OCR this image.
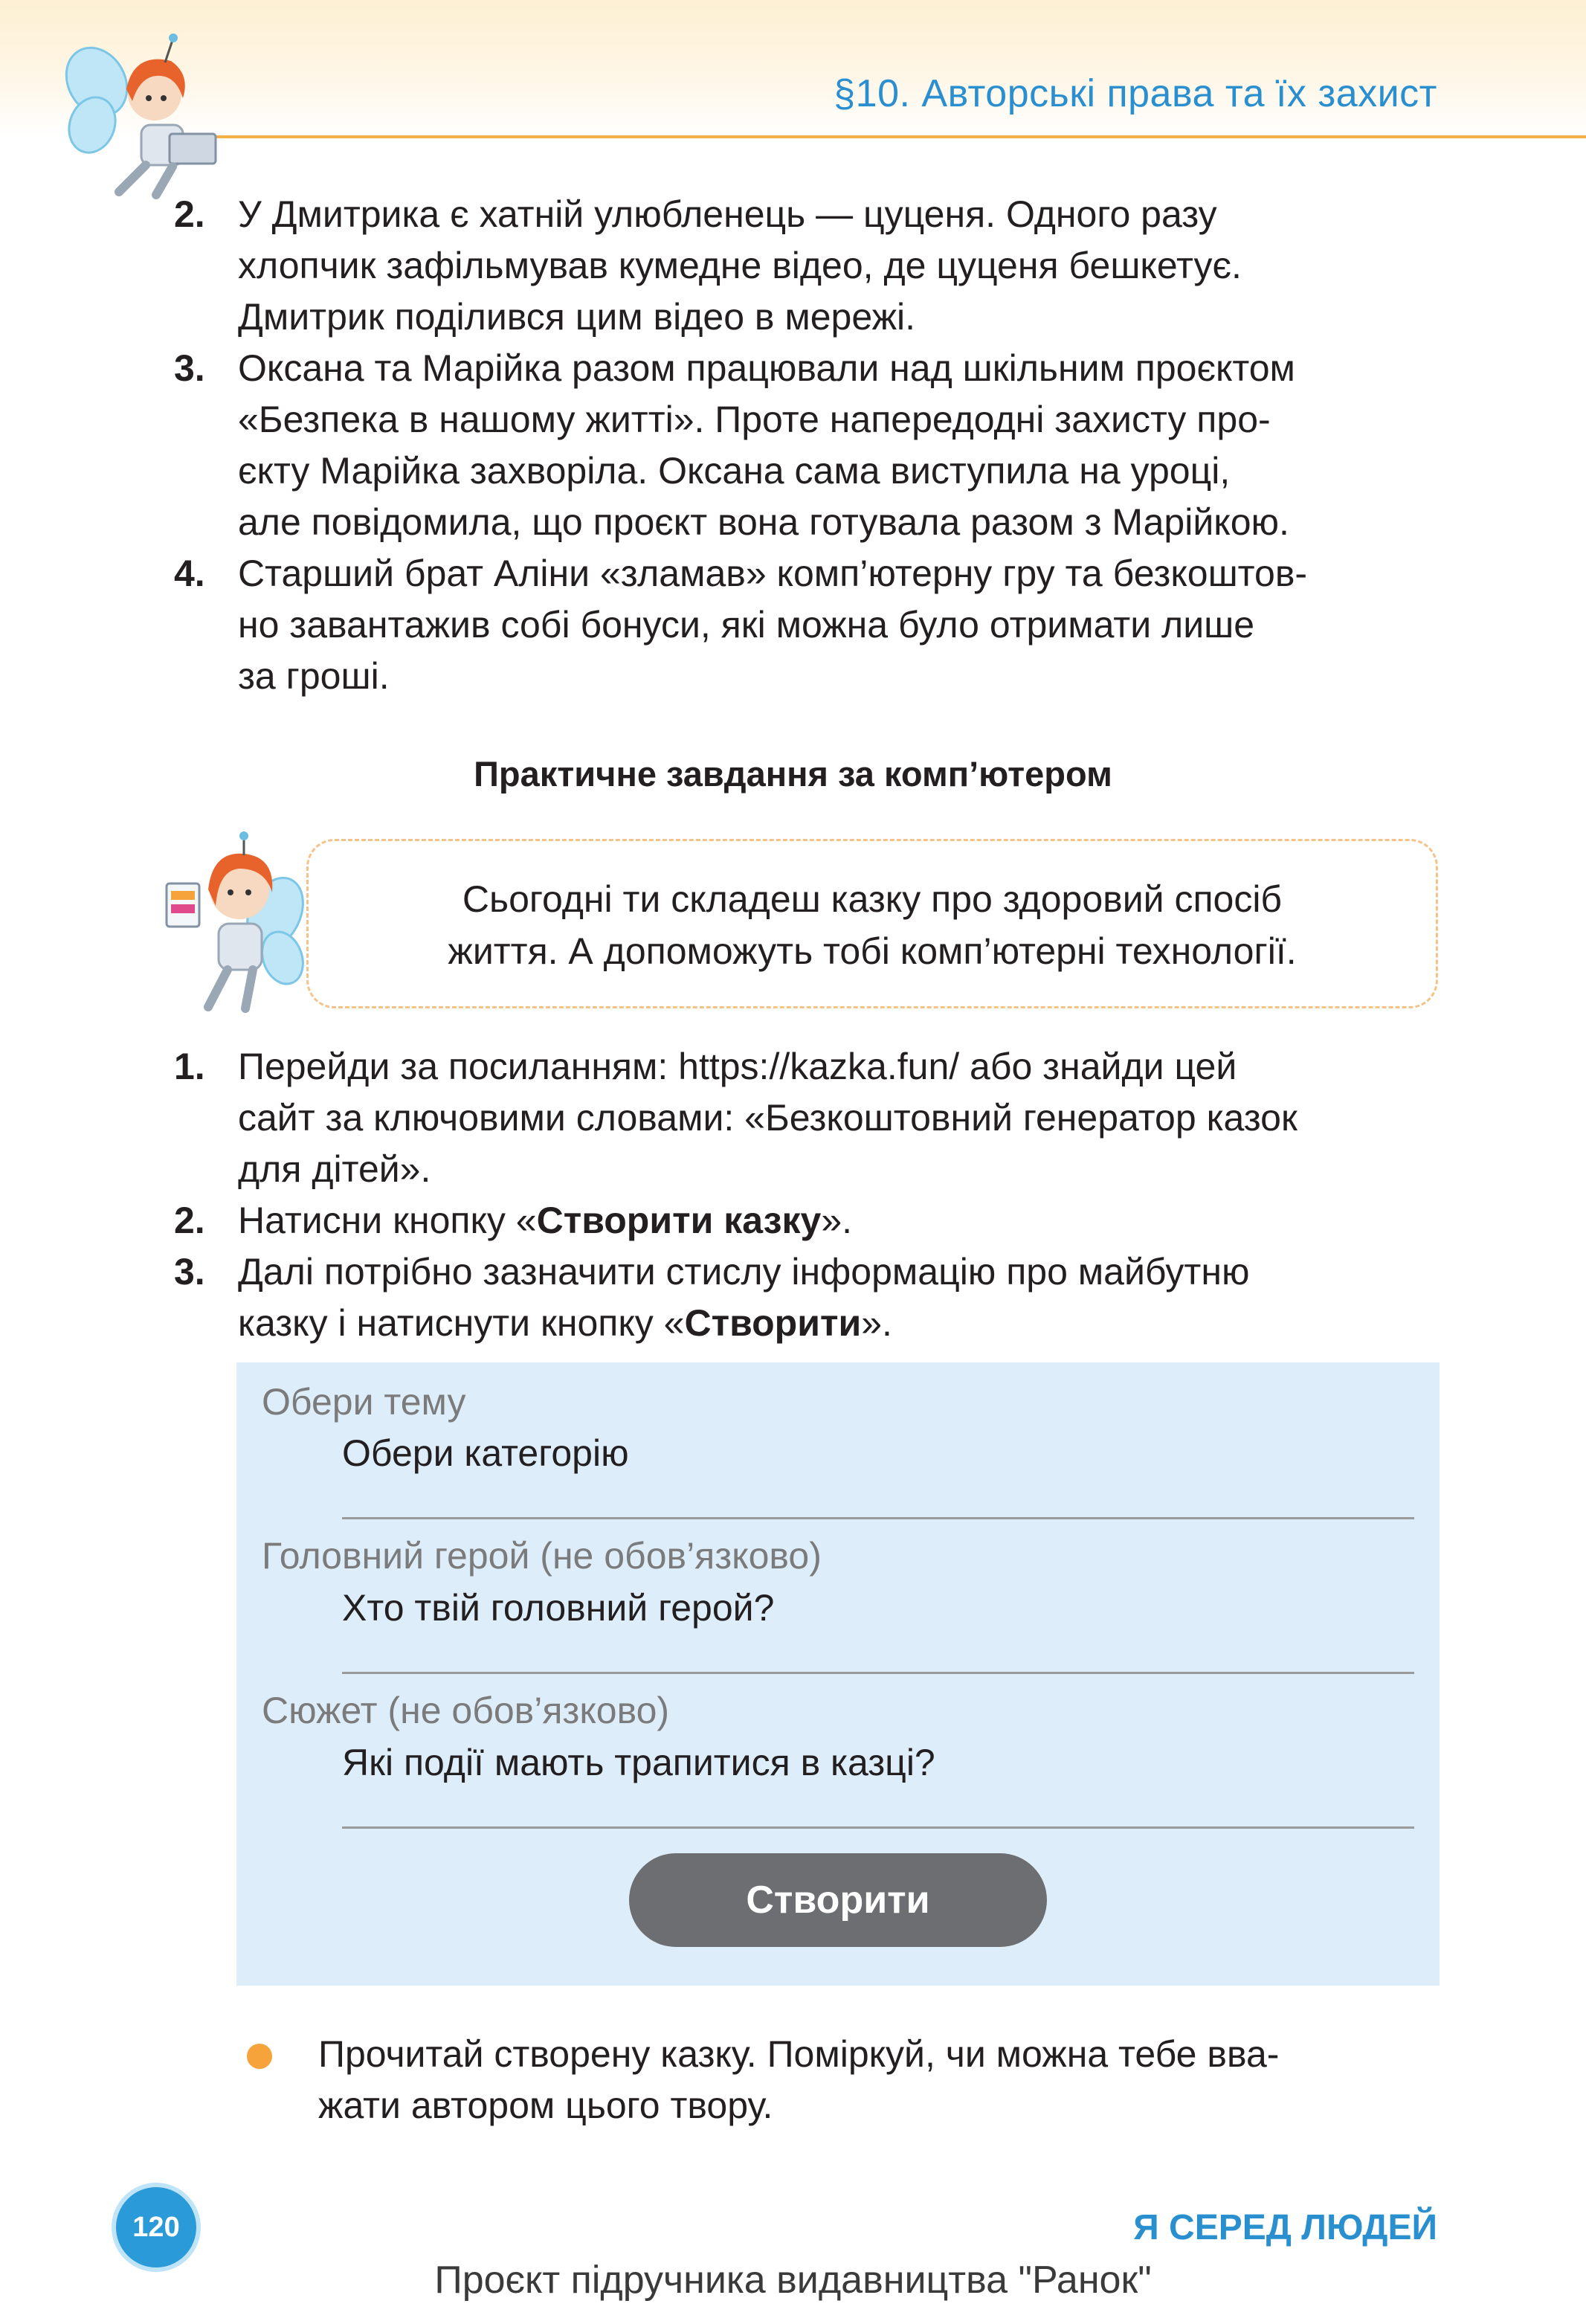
§10. Авторські права та їх захист
2. У Дмитрика є хатній улюбленець — цуценя. Одного разу
хлопчик зафільмував кумедне відео, де цуценя бешкетує.
Дмитрик поділився цим відео в мережі.
3. Оксана та Марійка разом працювали над шкільним проєктом
«Безпека в нашому житті». Проте напередодні захисту про-
єкту Марійка захворіла. Оксана сама виступила на уроці,
але повідомила, що проєкт вона готувала разом з Марійкою.
4. Старший брат Аліни «зламав» комп’ютерну гру та безкоштов-
но завантажив собі бонуси, які можна було отримати лише
за гроші.
Практичне завдання за комп’ютером
Сьогодні ти складеш казку про здоровий спосіб
життя. А допоможуть тобі комп’ютерні технології.
1. Перейди за посиланням: https://kazka.fun/ або знайди цей
сайт за ключовими словами: «Безкоштовний генератор казок
для дітей».
2. Натисни кнопку «Створити казку».
3. Далі потрібно зазначити стислу інформацію про майбутню
казку і натиснути кнопку «Створити».
Обери тему
Обери категорію
Головний герой (не обов’язково)
Хто твій головний герой?
Сюжет (не обов’язково)
Які події мають трапитися в казці?
Створити
Прочитай створену казку. Поміркуй, чи можна тебе вва-
жати автором цього твору.
120	Я СЕРЕД ЛЮДЕЙ
Проєкт підручника видавництва "Ранок"
